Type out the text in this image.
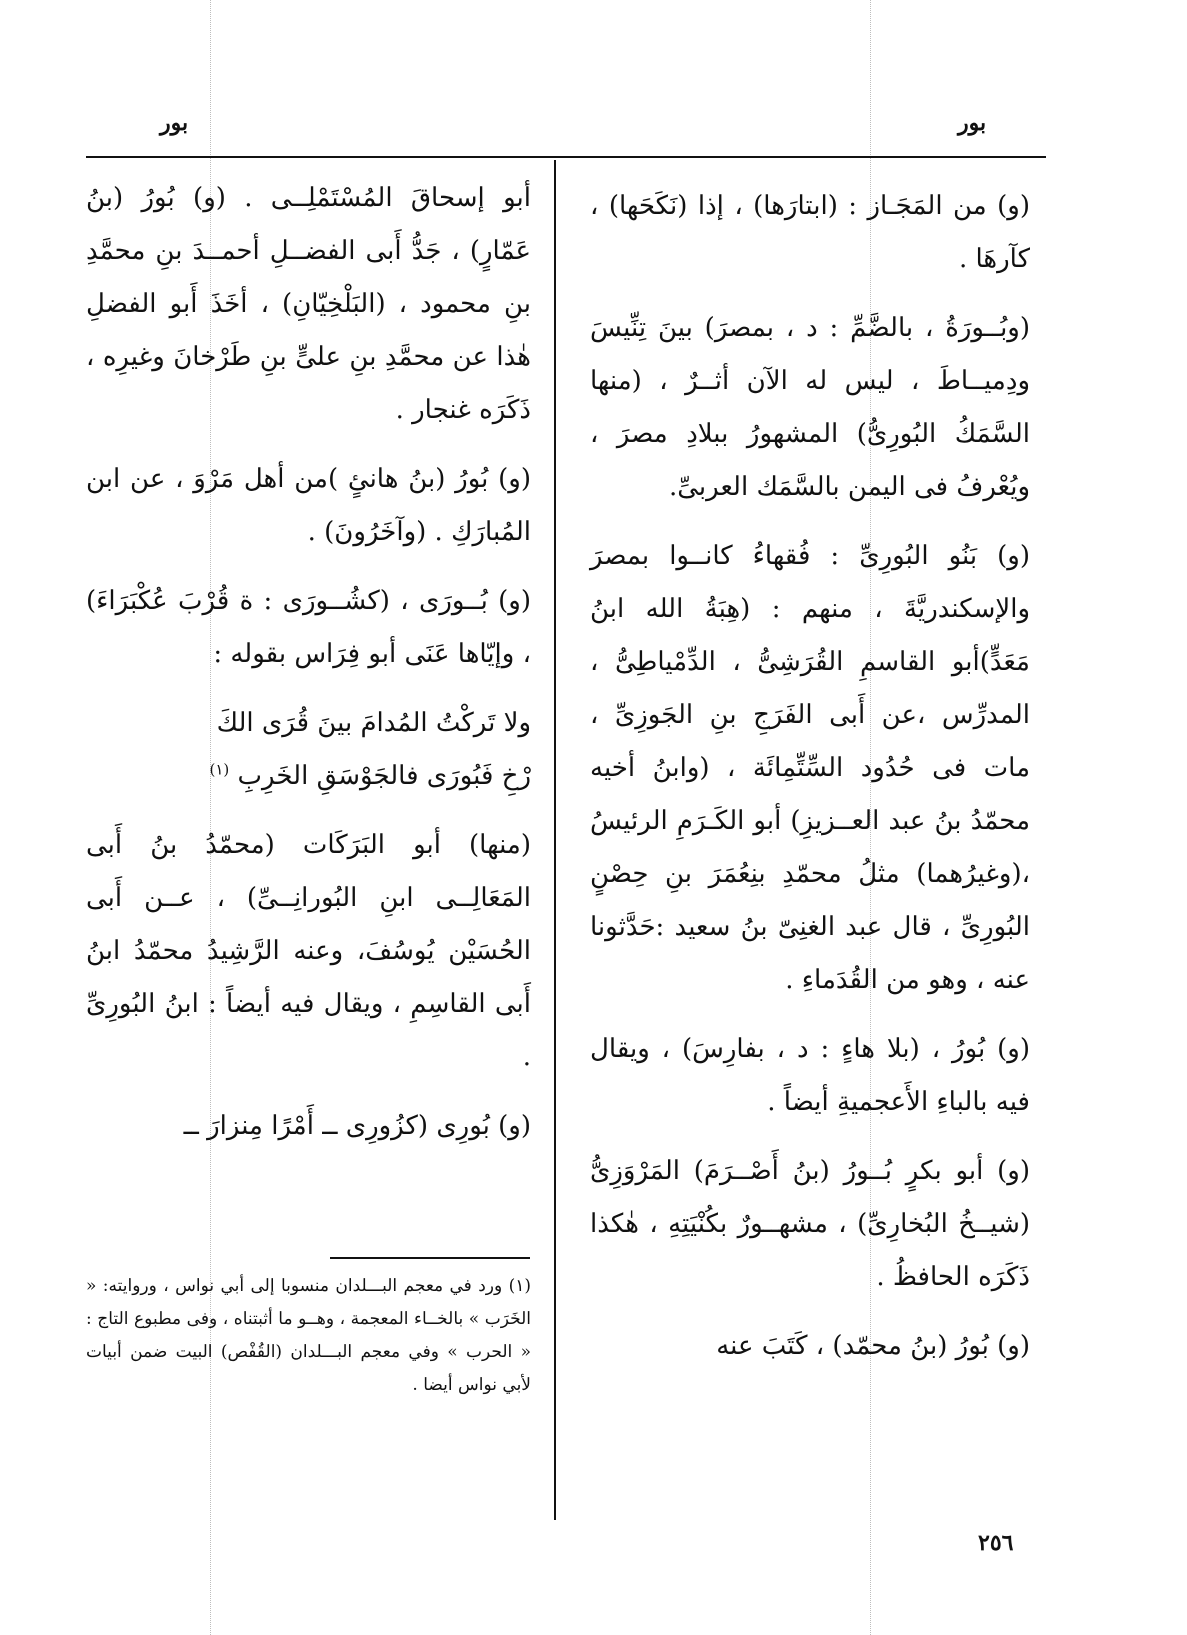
بور
بور

(و) من المَجَـاز : (ابتارَها) ، إذا (نَكَحَها) ، كآرهَا .

(وبُــورَةُ ، بالضَّمِّ : د ، بمصرَ) بينَ تِنِّيسَ ودِميــاطَ ، ليس له الآن أثــرٌ ، (منها السَّمَكُ البُورِىُّ) المشهورُ ببلادِ مصرَ ، ويُعْرفُ فى اليمن بالسَّمَك العربىِّ.

(و) بَنُو البُورِىِّ : فُقهاءُ كانــوا بمصرَ والإسكندريَّةَ ، منهم : (هِبَةُ الله ابنُ مَعَدٍّ)أبو القاسمِ القُرَشِىُّ ، الدِّمْياطِىُّ ، المدرِّس ،عن أَبى الفَرَجِ بنِ الجَوزِىِّ ، مات فى حُدُود السِّتِّمِائَة ، (وابنُ أخيه محمّدُ بنُ عبد العــزيزِ) أبو الكَـرَمِ الرئيسُ ،(وغيرُهما) مثلُ محمّدِ بنِعُمَرَ بنِ حِصْنٍ البُورِىِّ ، قال عبد الغنِىّ بنُ سعيد :حَدَّثونا عنه ، وهو من القُدَماءِ .

(و) بُورُ ، (بلا هاءٍ : د ، بفارِسَ) ، ويقال فيه بالباءِ الأَعجميةِ أيضاً .

(و) أبو بكرٍ بُــورُ (بنُ أَصْــرَمَ) المَرْوَزِىُّ (شيــخُ البُخارِىِّ) ، مشهــورٌ بكُنْيَتِهِ ، هٰكذا ذَكَرَه الحافظُ .

(و) بُورُ (بنُ محمّد) ، كَتَبَ عنه

أبو إسحاقَ المُسْتَمْلِــى . (و) بُورُ (بنُ عَمّارٍ) ، جَدُّ أَبى الفضــلِ أحمــدَ بنِ محمَّدِ بنِ محمود ، (البَلْخِيّانِ) ، أخَذَ أَبو الفضلِ هٰذا عن محمَّدِ بنِ علىٍّ بنِ طَرْخانَ وغيرِه ، ذَكَرَه غنجار .

(و) بُورُ (بنُ هانئٍ )من أهل مَرْوَ ، عن ابن المُبارَكِ . (وآخَرُونَ) .

(و) بُــورَى ، (كشُــورَى : ة قُرْبَ عُكْبَرَاءَ) ، وإيّاها عَنَى أبو فِرَاس بقوله :

ولا تَركْتُ المُدامَ بينَ قُرَى الكَ
رْخِ فَبُورَى فالجَوْسَقِ الخَرِبِ $^{(١)}$

(منها) أبو البَرَكَات (محمّدُ بنُ أَبى المَعَالِــى ابنِ البُورانِــىِّ) ، عــن أَبى الحُسَيْن يُوسُفَ، وعنه الرَّشِيدُ محمّدُ ابنُ أَبى القاسِمِ ، ويقال فيه أيضاً : ابنُ البُورِىِّ .

(و) بُورِى (كزُورِى ــ أَمْرًا مِنزارَ ــ

(١) ورد في معجم البـــلدان منسوبا إلى أبي نواس ، وروايته: « الخَرَب » بالخــاء المعجمة ، وهــو ما أثبتناه ، وفى مطبوع التاج : « الحرب » وفي معجم البـــلدان (القُفْص) البيت ضمن أبيات لأبي نواس أيضا .
٢٥٦
